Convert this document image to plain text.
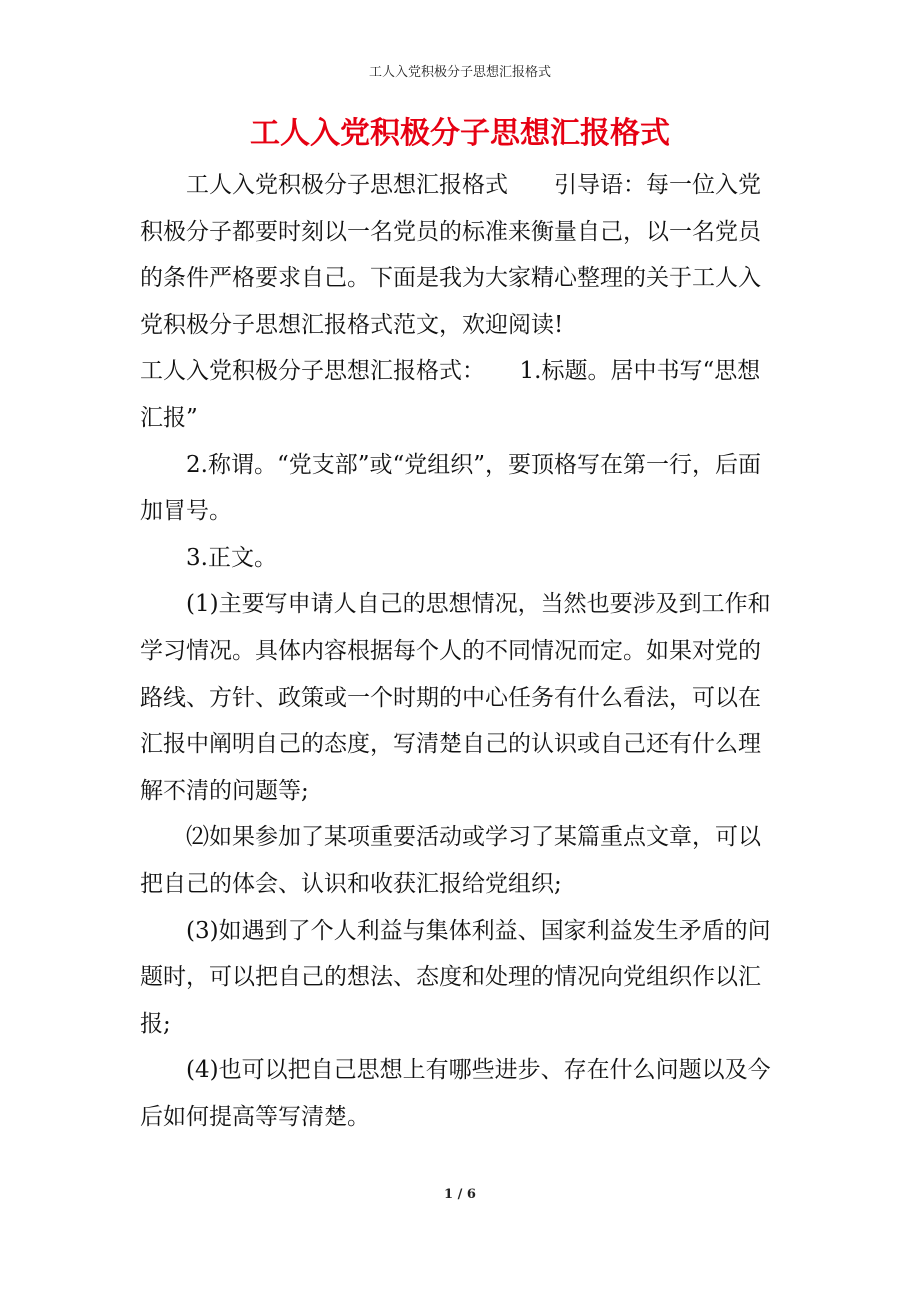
工人入党积极分子思想汇报格式
工人入党积极分子思想汇报格式

工人入党积极分子思想汇报格式　　引导语：每一位入党积极分子都要时刻以一名党员的标准来衡量自己，以一名党员的条件严格要求自己。下面是我为大家精心整理的关于工人入党积极分子思想汇报格式范文，欢迎阅读!

工人入党积极分子思想汇报格式：　　1.标题。居中书写“思想汇报”

2.称谓。“党支部”或“党组织”，要顶格写在第一行，后面加冒号。

3.正文。

(1)主要写申请人自己的思想情况，当然也要涉及到工作和学习情况。具体内容根据每个人的不同情况而定。如果对党的路线、方针、政策或一个时期的中心任务有什么看法，可以在汇报中阐明自己的态度，写清楚自己的认识或自己还有什么理解不清的问题等;

⑵如果参加了某项重要活动或学习了某篇重点文章，可以把自己的体会、认识和收获汇报给党组织;

(3)如遇到了个人利益与集体利益、国家利益发生矛盾的问题时，可以把自己的想法、态度和处理的情况向党组织作以汇报;

(4)也可以把自己思想上有哪些进步、存在什么问题以及今后如何提高等写清楚。

1 / 6
